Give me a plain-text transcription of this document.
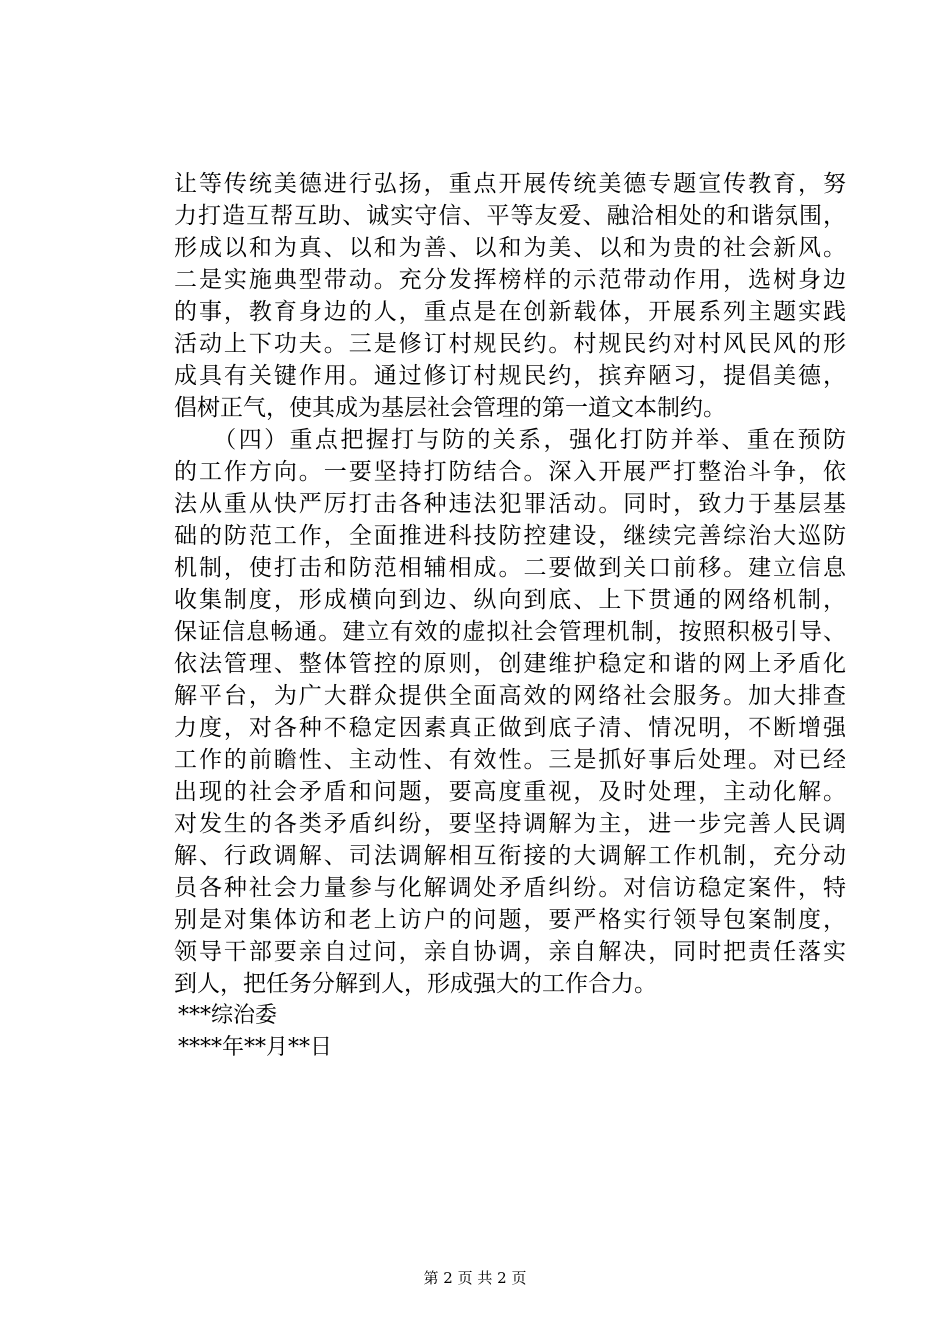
让等传统美德进行弘扬，重点开展传统美德专题宣传教育，努
力打造互帮互助、诚实守信、平等友爱、融洽相处的和谐氛围，
形成以和为真、以和为善、以和为美、以和为贵的社会新风。
二是实施典型带动。充分发挥榜样的示范带动作用，选树身边
的事，教育身边的人，重点是在创新载体，开展系列主题实践
活动上下功夫。三是修订村规民约。村规民约对村风民风的形
成具有关键作用。通过修订村规民约，摈弃陋习，提倡美德，
倡树正气，使其成为基层社会管理的第一道文本制约。
　　（四）重点把握打与防的关系，强化打防并举、重在预防
的工作方向。一要坚持打防结合。深入开展严打整治斗争，依
法从重从快严厉打击各种违法犯罪活动。同时，致力于基层基
础的防范工作，全面推进科技防控建设，继续完善综治大巡防
机制，使打击和防范相辅相成。二要做到关口前移。建立信息
收集制度，形成横向到边、纵向到底、上下贯通的网络机制，
保证信息畅通。建立有效的虚拟社会管理机制，按照积极引导、
依法管理、整体管控的原则，创建维护稳定和谐的网上矛盾化
解平台，为广大群众提供全面高效的网络社会服务。加大排查
力度，对各种不稳定因素真正做到底子清、情况明，不断增强
工作的前瞻性、主动性、有效性。三是抓好事后处理。对已经
出现的社会矛盾和问题，要高度重视，及时处理，主动化解。
对发生的各类矛盾纠纷，要坚持调解为主，进一步完善人民调
解、行政调解、司法调解相互衔接的大调解工作机制，充分动
员各种社会力量参与化解调处矛盾纠纷。对信访稳定案件，特
别是对集体访和老上访户的问题，要严格实行领导包案制度，
领导干部要亲自过问，亲自协调，亲自解决，同时把责任落实
到人，把任务分解到人，形成强大的工作合力。
***综治委
****年**月**日
第 2 页 共 2 页
